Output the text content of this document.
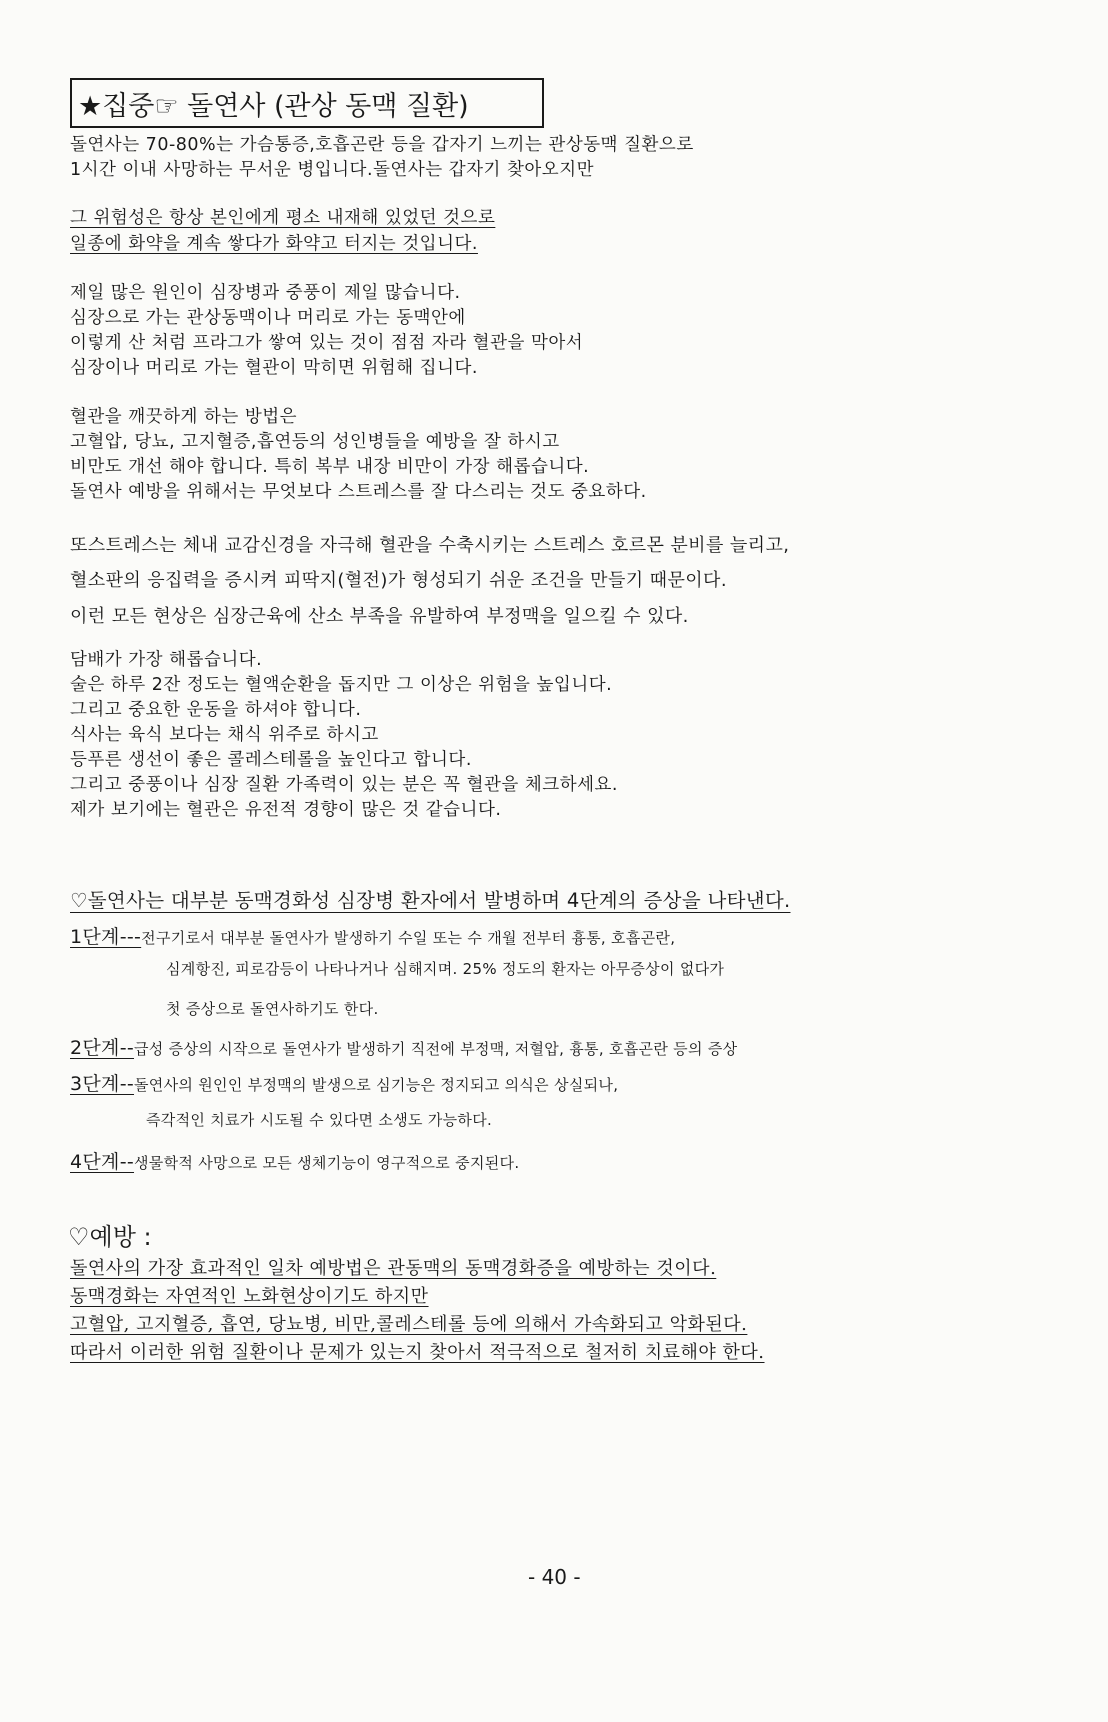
★집중☞ 돌연사 (관상 동맥 질환)
돌연사는 70-80%는 가슴통증,호흡곤란 등을 갑자기 느끼는 관상동맥 질환으로
1시간 이내 사망하는 무서운 병입니다.돌연사는 갑자기 찾아오지만
그 위험성은 항상 본인에게 평소 내재해 있었던 것으로
일종에 화약을 계속 쌓다가 화약고 터지는 것입니다.
제일 많은 원인이 심장병과 중풍이 제일 많습니다.
심장으로 가는 관상동맥이나 머리로 가는 동맥안에
이렇게 산 처럼 프라그가 쌓여 있는 것이 점점 자라 혈관을 막아서
심장이나 머리로 가는 혈관이 막히면 위험해 집니다.
혈관을 깨끗하게 하는 방법은
고혈압, 당뇨, 고지혈증,흡연등의 성인병들을 예방을 잘 하시고
비만도 개선 해야 합니다. 특히 복부 내장 비만이 가장 해롭습니다.
돌연사 예방을 위해서는 무엇보다 스트레스를 잘 다스리는 것도 중요하다.
또스트레스는 체내 교감신경을 자극해 혈관을 수축시키는 스트레스 호르몬 분비를 늘리고,
혈소판의 응집력을 증시켜 피딱지(혈전)가 형성되기 쉬운 조건을 만들기 때문이다.
이런 모든 현상은 심장근육에 산소 부족을 유발하여 부정맥을 일으킬 수 있다.
담배가 가장 해롭습니다.
술은 하루 2잔 정도는 혈액순환을 돕지만 그 이상은 위험을 높입니다.
그리고 중요한 운동을 하셔야 합니다.
식사는 육식 보다는 채식 위주로 하시고
등푸른 생선이 좋은 콜레스테롤을 높인다고 합니다.
그리고 중풍이나 심장 질환 가족력이 있는 분은 꼭 혈관을 체크하세요.
제가 보기에는 혈관은 유전적 경향이 많은 것 같습니다.
♡돌연사는 대부분 동맥경화성 심장병 환자에서 발병하며 4단계의 증상을 나타낸다.
1단계---전구기로서 대부분 돌연사가 발생하기 수일 또는 수 개월 전부터 흉통, 호흡곤란,
심계항진, 피로감등이 나타나거나 심해지며. 25% 정도의 환자는 아무증상이 없다가
첫 증상으로 돌연사하기도 한다.
2단계--급성 증상의 시작으로 돌연사가 발생하기 직전에 부정맥, 저혈압, 흉통, 호흡곤란 등의 증상
3단계--돌연사의 원인인 부정맥의 발생으로 심기능은 정지되고 의식은 상실되나,
즉각적인 치료가 시도될 수 있다면 소생도 가능하다.
4단계--생물학적 사망으로 모든 생체기능이 영구적으로 중지된다.
♡예방 :
돌연사의 가장 효과적인 일차 예방법은 관동맥의 동맥경화증을 예방하는 것이다.
동맥경화는 자연적인 노화현상이기도 하지만
고혈압, 고지혈증, 흡연, 당뇨병, 비만,콜레스테롤 등에 의해서 가속화되고 악화된다.
따라서 이러한 위험 질환이나 문제가 있는지 찾아서 적극적으로 철저히 치료해야 한다.
- 40 -
